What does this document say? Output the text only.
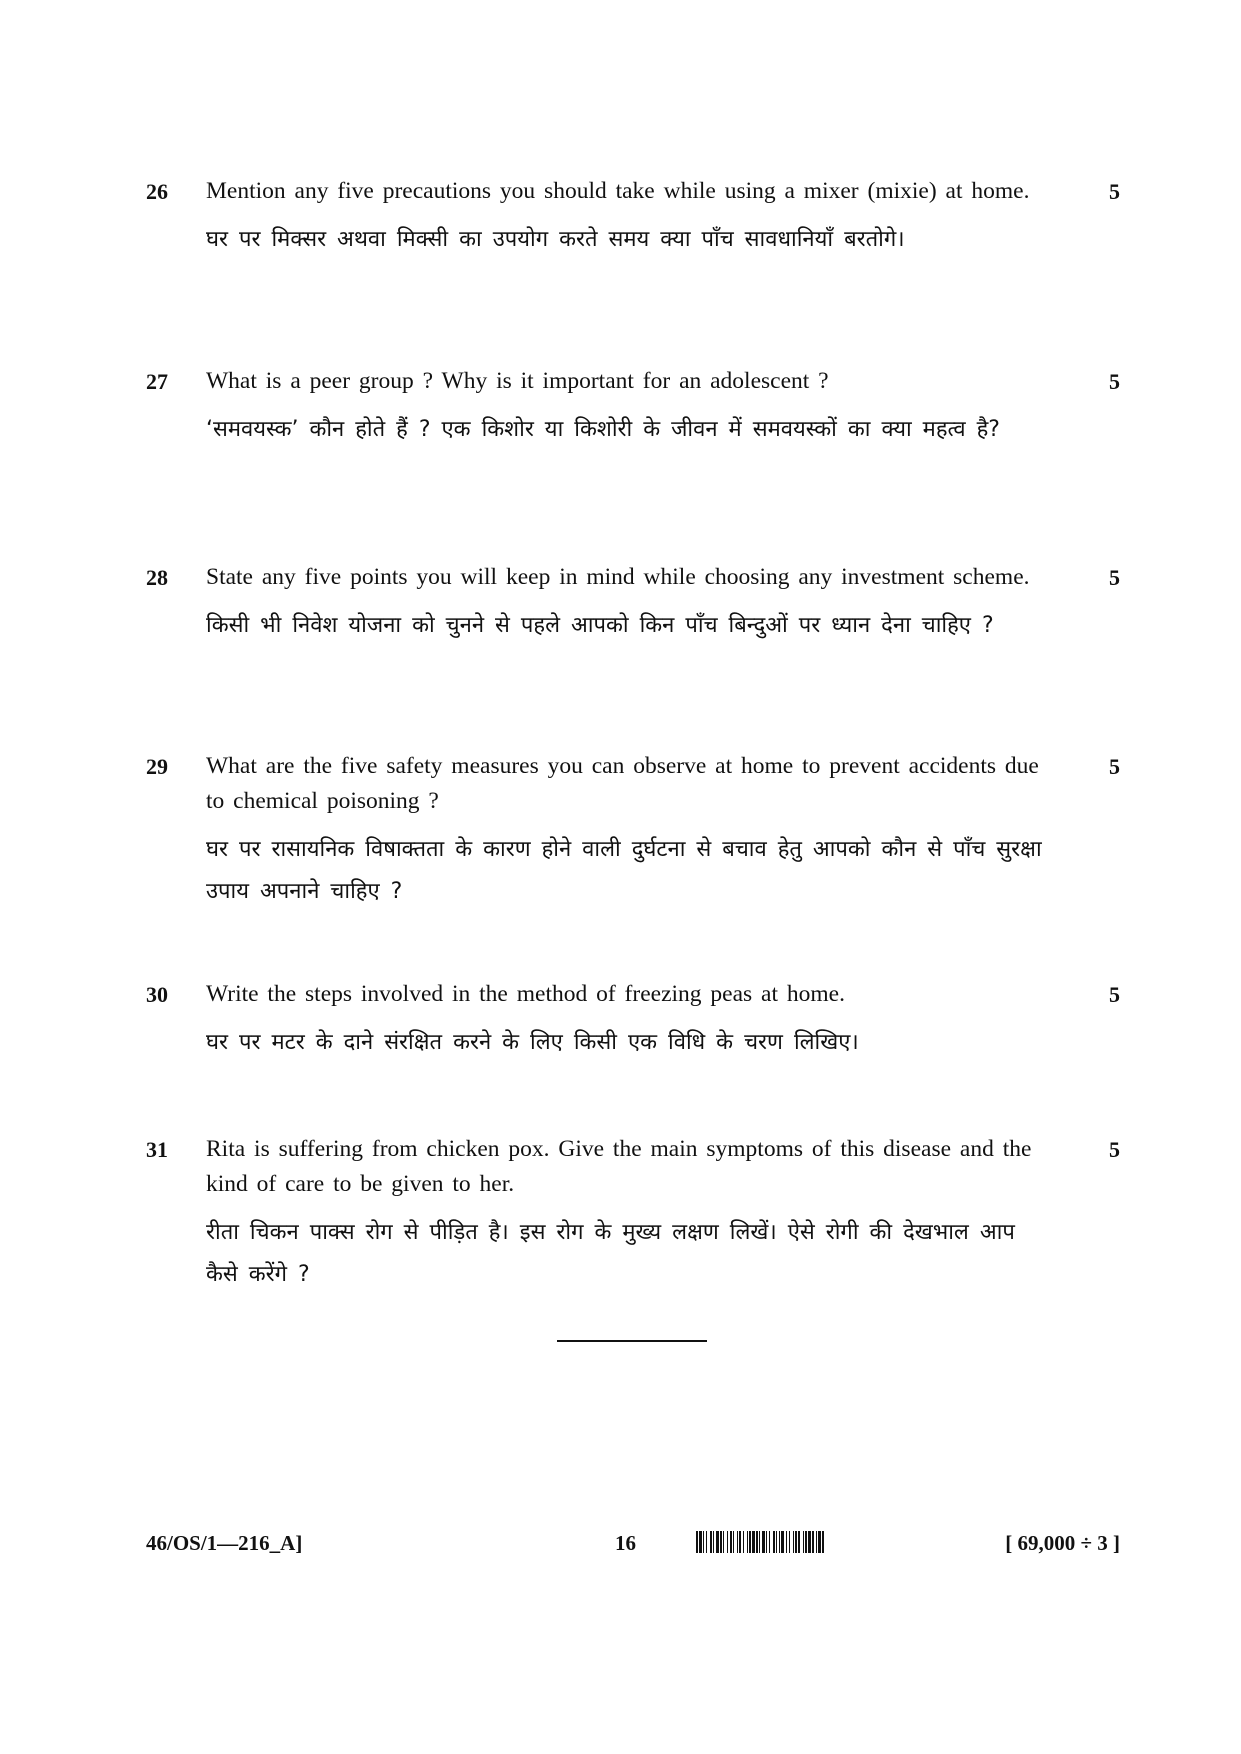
26 Mention any five precautions you should take while using a mixer (mixie) at home.

घर पर मिक्सर अथवा मिक्सी का उपयोग करते समय क्या पाँच सावधानियाँ बरतोगे।

5
27 What is a peer group ? Why is it important for an adolescent ?

‘समवयस्क’ कौन होते हैं ? एक किशोर या किशोरी के जीवन में समवयस्कों का क्या महत्व है?

5
28 State any five points you will keep in mind while choosing any investment scheme.

किसी भी निवेश योजना को चुनने से पहले आपको किन पाँच बिन्दुओं पर ध्यान देना चाहिए ?

5
29 What are the five safety measures you can observe at home to prevent accidents due to chemical poisoning ?

घर पर रासायनिक विषाक्तता के कारण होने वाली दुर्घटना से बचाव हेतु आपको कौन से पाँच सुरक्षा उपाय अपनाने चाहिए ?

5
30 Write the steps involved in the method of freezing peas at home.

घर पर मटर के दाने संरक्षित करने के लिए किसी एक विधि के चरण लिखिए।

5
31 Rita is suffering from chicken pox. Give the main symptoms of this disease and the kind of care to be given to her.

रीता चिकन पाक्स रोग से पीड़ित है। इस रोग के मुख्य लक्षण लिखें। ऐसे रोगी की देखभाल आप कैसे करेंगे ?

5
46/OS/1—216_A]	16	[ 69,000 ÷ 3 ]
